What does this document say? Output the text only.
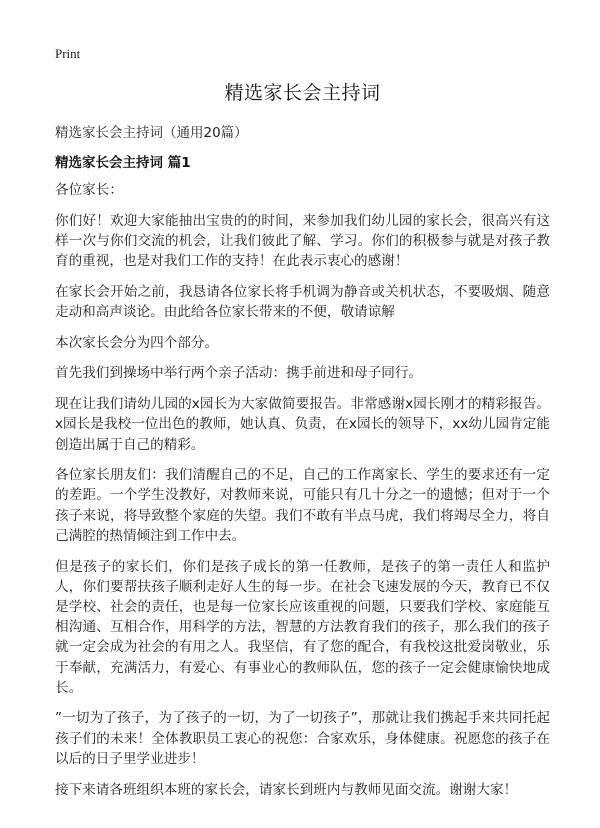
Print
精选家长会主持词
精选家长会主持词（通用20篇）
精选家长会主持词 篇1

各位家长：

你们好！欢迎大家能抽出宝贵的的时间，来参加我们幼儿园的家长会，很高兴有这样一次与你们交流的机会，让我们彼此了解、学习。你们的积极参与就是对孩子教育的重视，也是对我们工作的支持！在此表示衷心的感谢！

在家长会开始之前，我恳请各位家长将手机调为静音或关机状态，不要吸烟、随意走动和高声谈论。由此给各位家长带来的不便，敬请谅解

本次家长会分为四个部分。

首先我们到操场中举行两个亲子活动：携手前进和母子同行。

现在让我们请幼儿园的x园长为大家做简要报告。非常感谢x园长刚才的精彩报告。x园长是我校一位出色的教师，她认真、负责，在x园长的领导下，xx幼儿园肯定能创造出属于自己的精彩。

各位家长朋友们：我们清醒自己的不足，自己的工作离家长、学生的要求还有一定的差距。一个学生没教好，对教师来说，可能只有几十分之一的遗憾；但对于一个孩子来说，将导致整个家庭的失望。我们不敢有半点马虎，我们将竭尽全力，将自己满腔的热情倾注到工作中去。

但是孩子的家长们，你们是孩子成长的第一任教师，是孩子的第一责任人和监护人，你们要帮扶孩子顺利走好人生的每一步。在社会飞速发展的今天，教育已不仅是学校、社会的责任，也是每一位家长应该重视的问题，只要我们学校、家庭能互相沟通、互相合作，用科学的方法，智慧的方法教育我们的孩子，那么我们的孩子就一定会成为社会的有用之人。我坚信，有了您的配合，有我校这批爱岗敬业，乐于奉献，充满活力，有爱心、有事业心的教师队伍，您的孩子一定会健康愉快地成长。

”一切为了孩子，为了孩子的一切，为了一切孩子”，那就让我们携起手来共同托起孩子们的未来！全体教职员工衷心的祝您：合家欢乐，身体健康。祝愿您的孩子在以后的日子里学业进步！

接下来请各班组织本班的家长会，请家长到班内与教师见面交流。谢谢大家！
